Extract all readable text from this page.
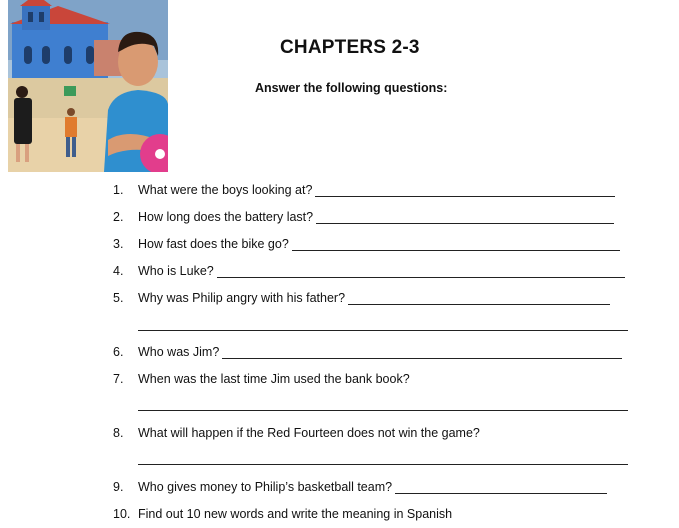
CHAPTERS 2-3
Answer the following questions:
1.	What were the boys looking at?
2.	How long does the battery last?
3.	How fast does the bike go?
4.	Who is Luke?
5.	Why was Philip angry with his father?
6.	Who was Jim?
7.	When was the last time Jim used the bank book?
8.	What will happen if the Red Fourteen does not win the game?
9.	Who gives money to Philip’s basketball team?
10. Find out 10 new words and write the meaning in Spanish
